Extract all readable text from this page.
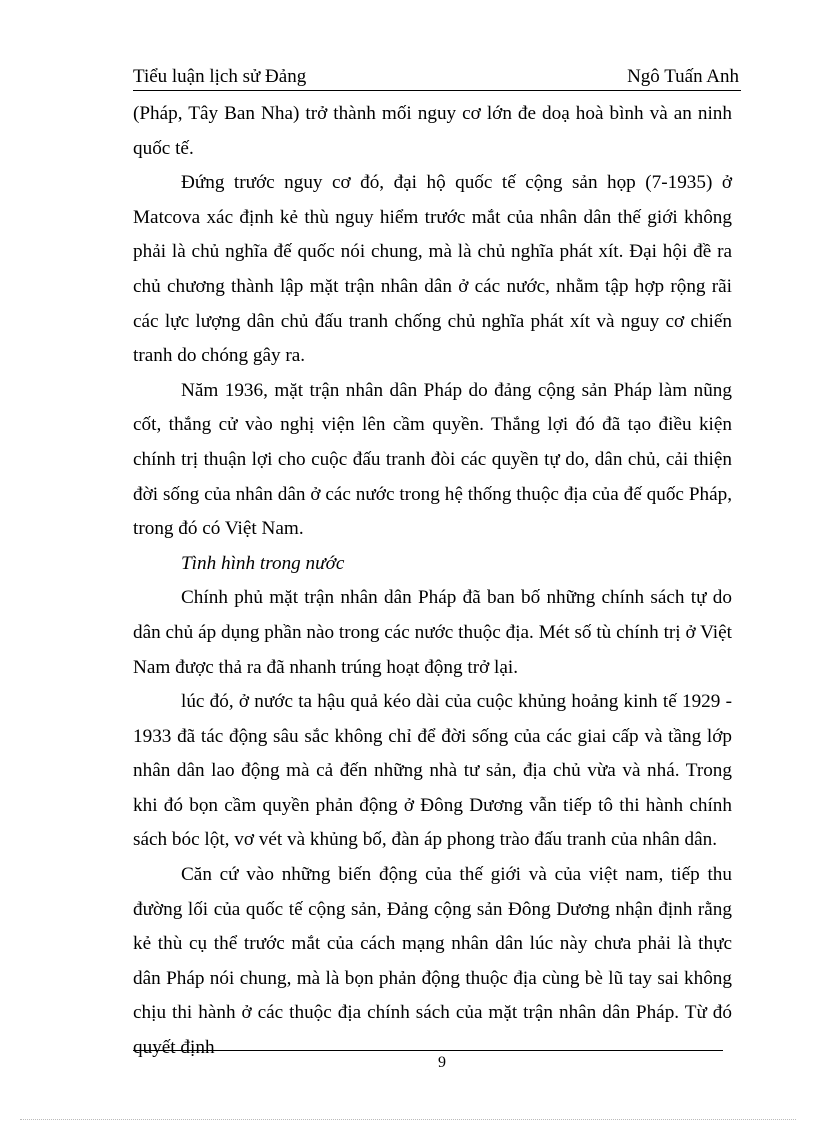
Tiểu luận lịch sử Đảng	Ngô Tuấn Anh

(Pháp, Tây Ban Nha) trở thành mối nguy cơ lớn đe doạ hoà bình và an ninh quốc tế.

Đứng trước nguy cơ đó, đại hộ quốc tế cộng sản họp (7-1935) ở Matcova xác định kẻ thù nguy hiểm trước mắt của nhân dân thế giới không phải là chủ nghĩa đế quốc nói chung, mà là chủ nghĩa phát xít. Đại hội đề ra chủ chương thành lập mặt trận nhân dân ở các nước, nhằm tập hợp rộng rãi các lực lượng dân chủ đấu tranh chống chủ nghĩa phát xít và nguy cơ chiến tranh do chóng gây ra.

Năm 1936, mặt trận nhân dân Pháp do đảng cộng sản Pháp làm nũng cốt, thắng cử vào nghị viện lên cầm quyền. Thắng lợi đó đã tạo điều kiện chính trị thuận lợi cho cuộc đấu tranh đòi các quyền tự do, dân chủ, cải thiện đời sống của nhân dân ở các nước trong hệ thống thuộc địa của đế quốc Pháp, trong đó có Việt Nam.

Tình hình trong nước

Chính phủ mặt trận nhân dân Pháp đã ban bố những chính sách tự do dân chủ áp dụng phần nào trong các nước thuộc địa. Mét số tù chính trị ở Việt Nam được thả ra đã nhanh trúng hoạt động trở lại.

lúc đó, ở nước ta hậu quả kéo dài của cuộc khủng hoảng kinh tế 1929 - 1933 đã tác động sâu sắc không chỉ để đời sống của các giai cấp và tầng lớp nhân dân lao động mà cả đến những nhà tư sản, địa chủ vừa và nhá. Trong khi đó bọn cầm quyền phản động ở Đông Dương vẫn tiếp tô thi hành chính sách bóc lột, vơ vét và khủng bố, đàn áp phong trào đấu tranh của nhân dân.

Căn cứ vào những biến động của thế giới và của việt nam, tiếp thu đường lối của quốc tế cộng sản, Đảng cộng sản Đông Dương nhận định rằng kẻ thù cụ thể trước mắt của cách mạng nhân dân lúc này chưa phải là thực dân Pháp nói chung, mà là bọn phản động thuộc địa cùng bè lũ tay sai không chịu thi hành ở các thuộc địa chính sách của mặt trận nhân dân Pháp. Từ đó quyết định

9
